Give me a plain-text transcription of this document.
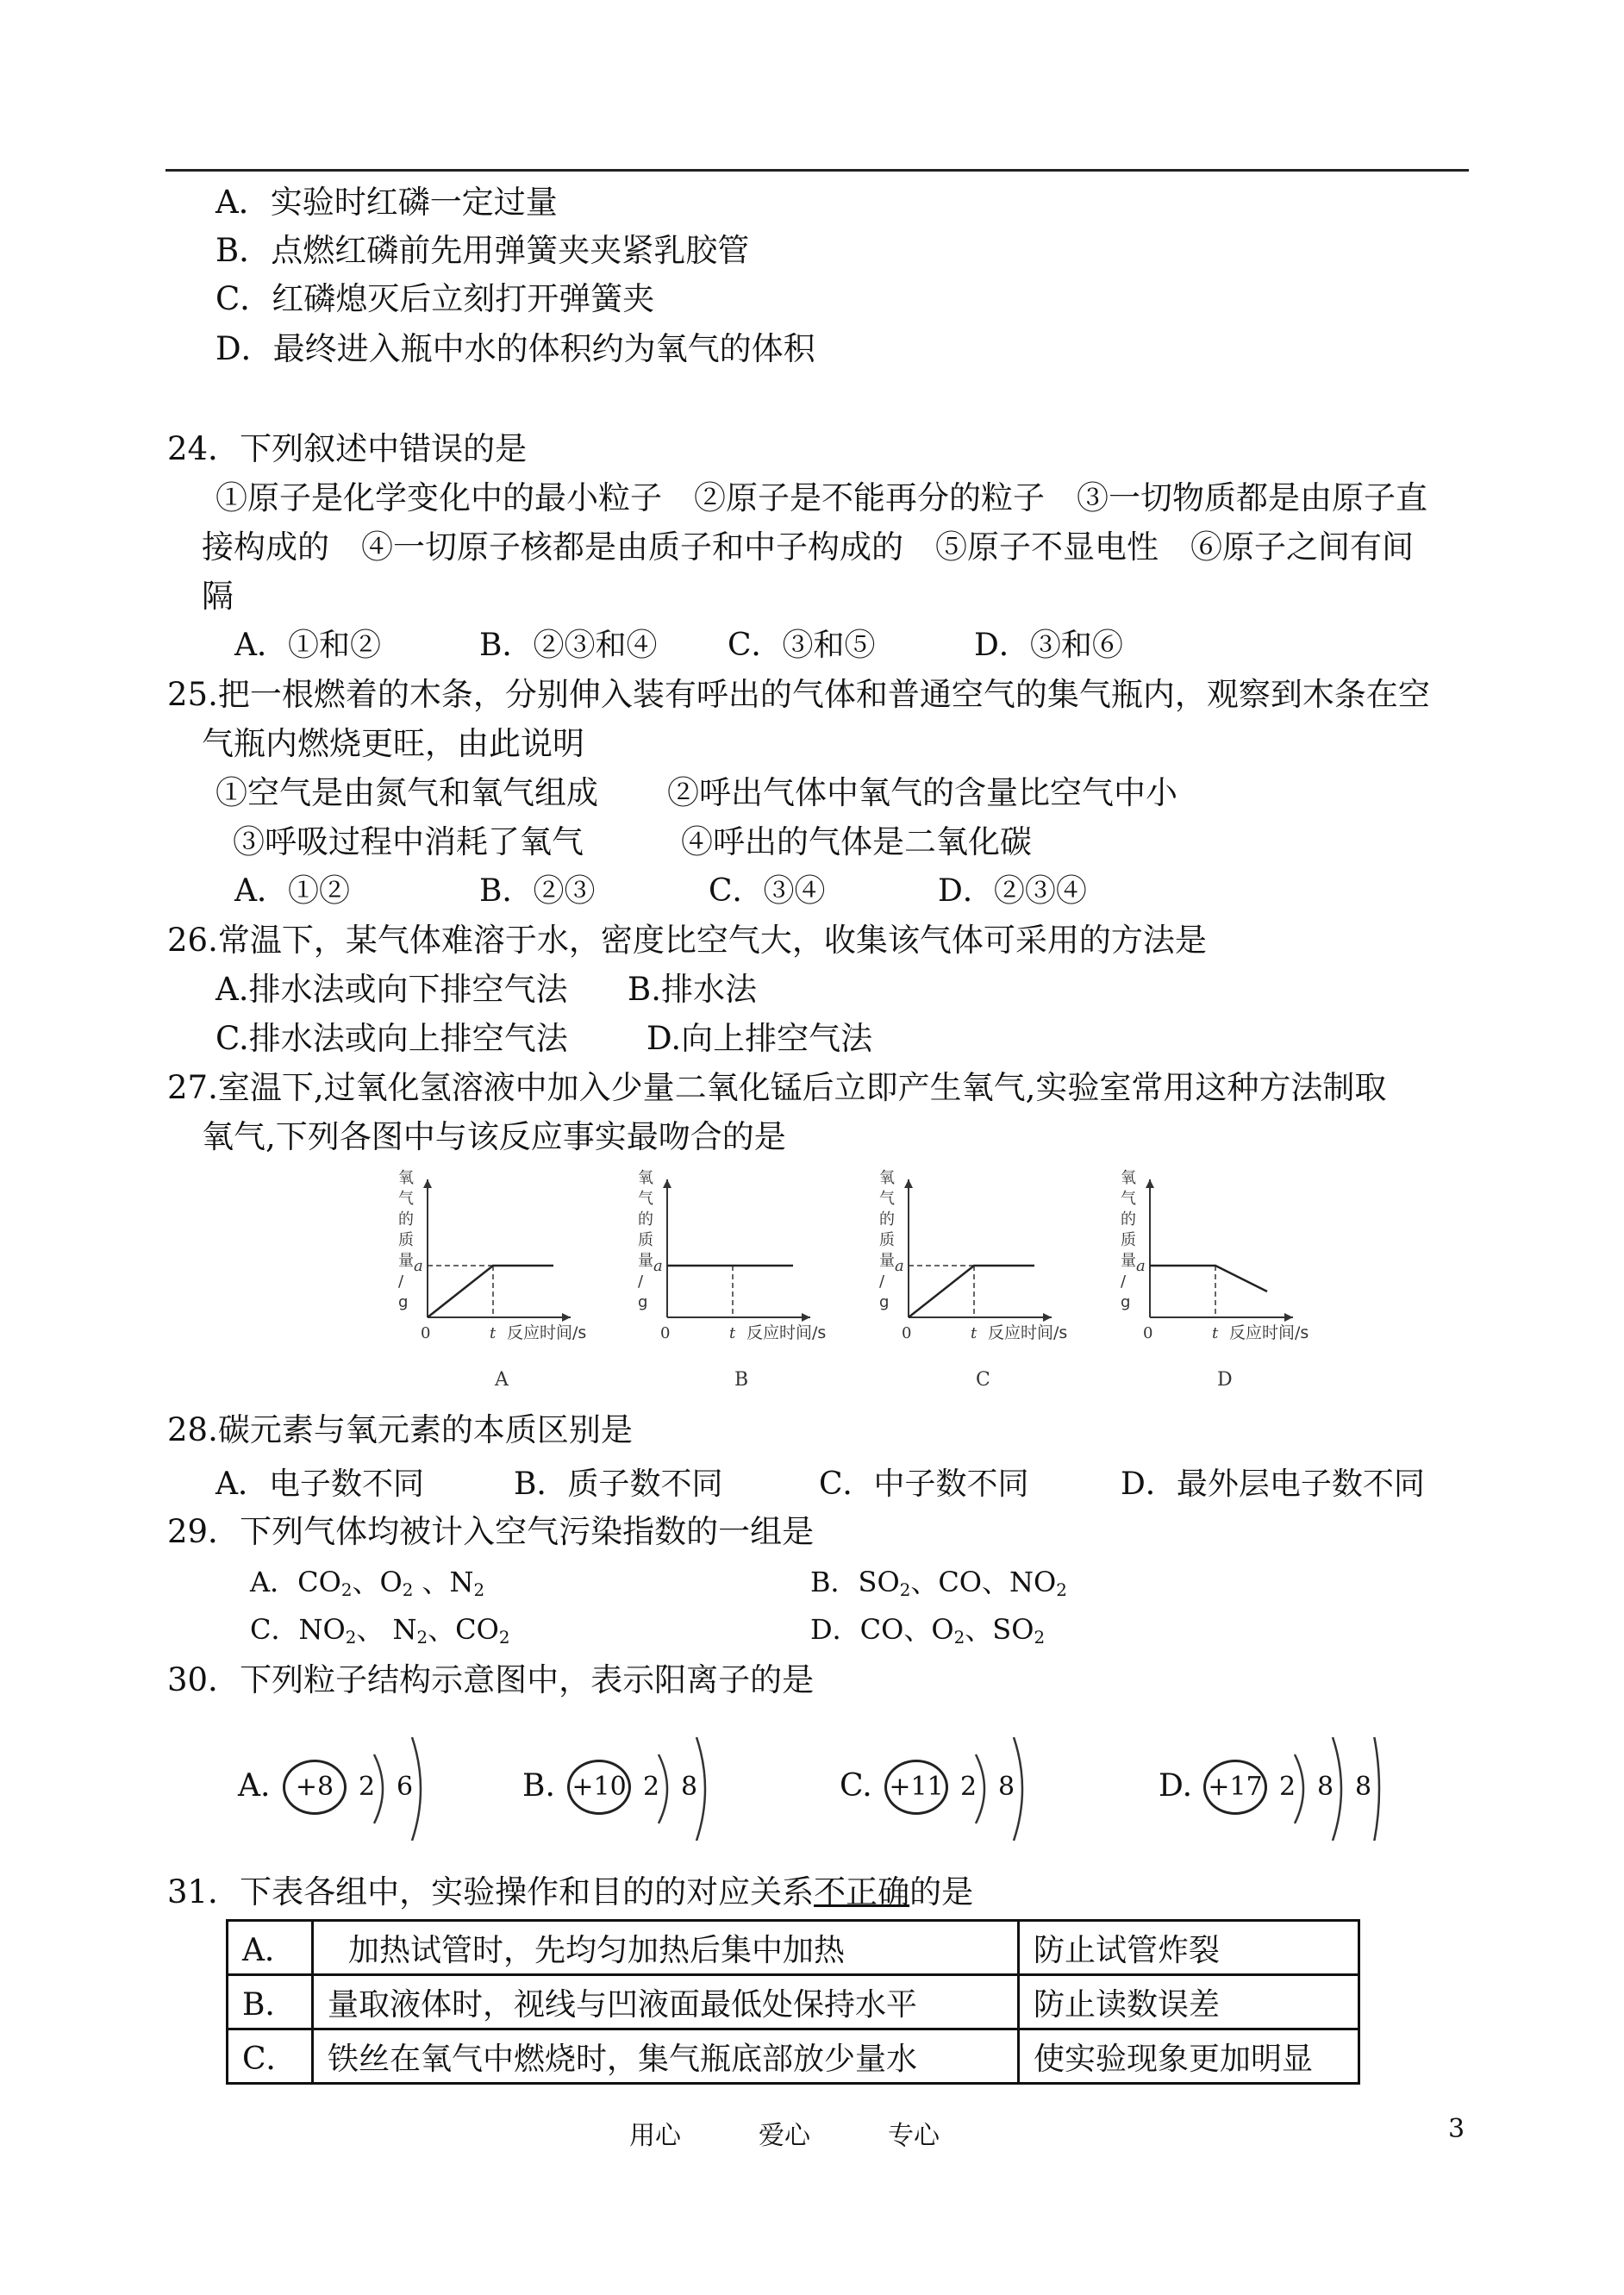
A．实验时红磷一定过量
B．点燃红磷前先用弹簧夹夹紧乳胶管
C．红磷熄灭后立刻打开弹簧夹
D．最终进入瓶中水的体积约为氧气的体积
24．下列叙述中错误的是
①原子是化学变化中的最小粒子　②原子是不能再分的粒子　③一切物质都是由原子直
接构成的　④一切原子核都是由质子和中子构成的　⑤原子不显电性　⑥原子之间有间
隔
A．①和②	B．②③和④ C．③和⑤	D．③和⑥
25.把一根燃着的木条，分别伸入装有呼出的气体和普通空气的集气瓶内，观察到木条在空
气瓶内燃烧更旺，由此说明
①空气是由氮气和氧气组成 ②呼出气体中氧气的含量比空气中小
③呼吸过程中消耗了氧气	④呼出的气体是二氧化碳
A．①②	B．②③	C．③④	D．②③④
26.常温下，某气体难溶于水，密度比空气大，收集该气体可采用的方法是
A.排水法或向下排空气法 B.排水法
C.排水法或向上排空气法 D.向上排空气法
27.室温下,过氧化氢溶液中加入少量二氧化锰后立即产生氧气,实验室常用这种方法制取
氧气,下列各图中与该反应事实最吻合的是
a
t
0	反应时间/s
氧
气
的
质
量
/
g
A
a
t
0	反应时间/s
氧
气
的
质
量
/
g
B
a
t
0	反应时间/s
氧
气
的
质
量
/
g
C
a
t
0	反应时间/s
氧
气
的
质
量
/
g
D
28.碳元素与氧元素的本质区别是
A．电子数不同	B．质子数不同	C．中子数不同	D．最外层电子数不同
29．下列气体均被计入空气污染指数的一组是
A．$CO_2$、$O_2$ 、$N_2$	B．$SO_2$、CO、$NO_2$
C．$NO_2$、 $N_2$、$CO_2$	D．CO、$O_2$、$SO_2$
30．下列粒子结构示意图中，表示阳离子的是
A. +8 2 6	B. +10 2 8	C. +11 2 8	D. +17 2 8 8
31．下表各组中，实验操作和目的的对应关系不正确的是
A．	加热试管时，先均匀加热后集中加热	防止试管炸裂
B．	量取液体时，视线与凹液面最低处保持水平	防止读数误差
C．	铁丝在氧气中燃烧时，集气瓶底部放少量水	使实验现象更加明显
用心	爱心	专心	3
